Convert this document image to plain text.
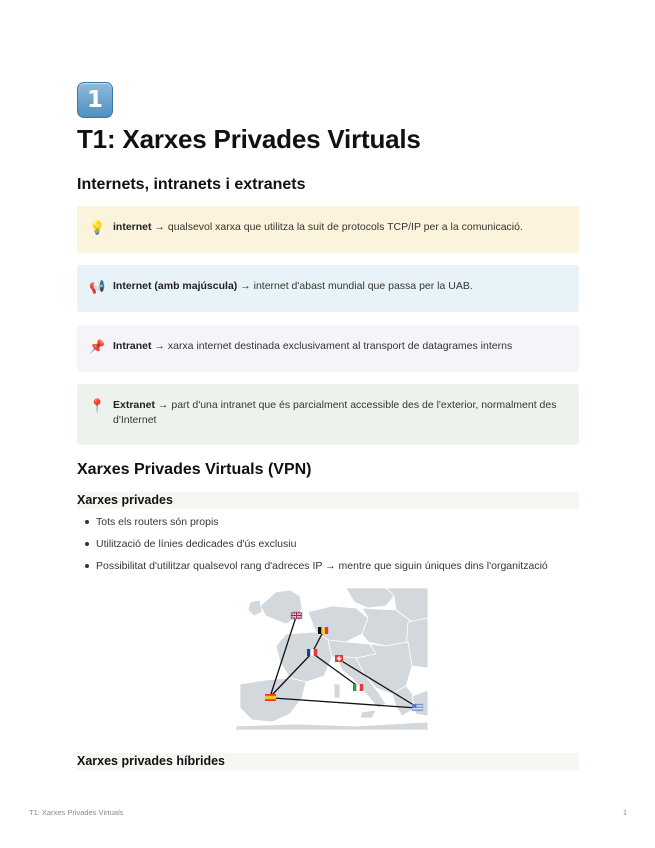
1
T1: Xarxes Privades Virtuals
Internets, intranets i extranets
💡 internet → qualsevol xarxa que utilitza la suit de protocols TCP/IP per a la comunicació.
📢 Internet (amb majúscula) → internet d'abast mundial que passa per la UAB.
📌 Intranet → xarxa internet destinada exclusivament al transport de datagrames interns
📍 Extranet → part d'una intranet que és parcialment accessible des de l'exterior, normalment des d'Internet
Xarxes Privades Virtuals (VPN)
Xarxes privades
Tots els routers són propis
Utilització de línies dedicades d'ús exclusiu
Possibilitat d'utilitzar qualsevol rang d'adreces IP → mentre que siguin úniques dins l'organització
Xarxes privades híbrides
T1: Xarxes Privades Virtuals	1
